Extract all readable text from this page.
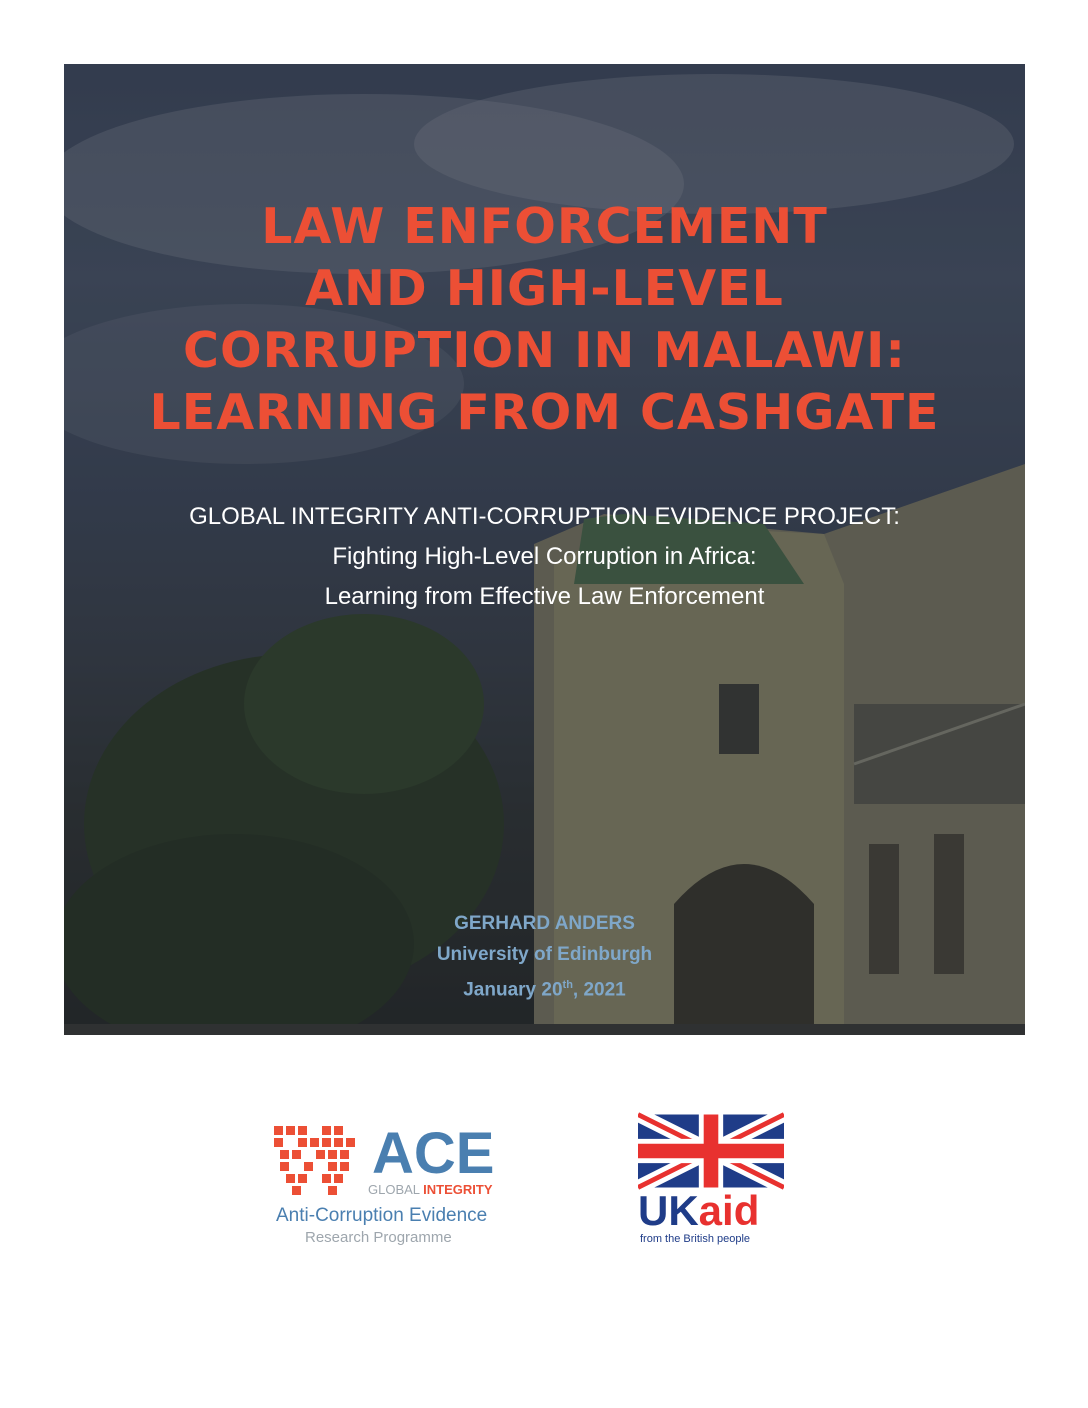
LAW ENFORCEMENT
AND HIGH-LEVEL
CORRUPTION IN MALAWI:
LEARNING FROM CASHGATE
GLOBAL INTEGRITY ANTI-CORRUPTION EVIDENCE PROJECT:
Fighting High-Level Corruption in Africa:
Learning from Effective Law Enforcement
GERHARD ANDERS
University of Edinburgh
January 20th, 2021
ACE
GLOBAL INTEGRITY
Anti-Corruption Evidence
Research Programme
UKaid
from the British people
WORKING PAPER 8
